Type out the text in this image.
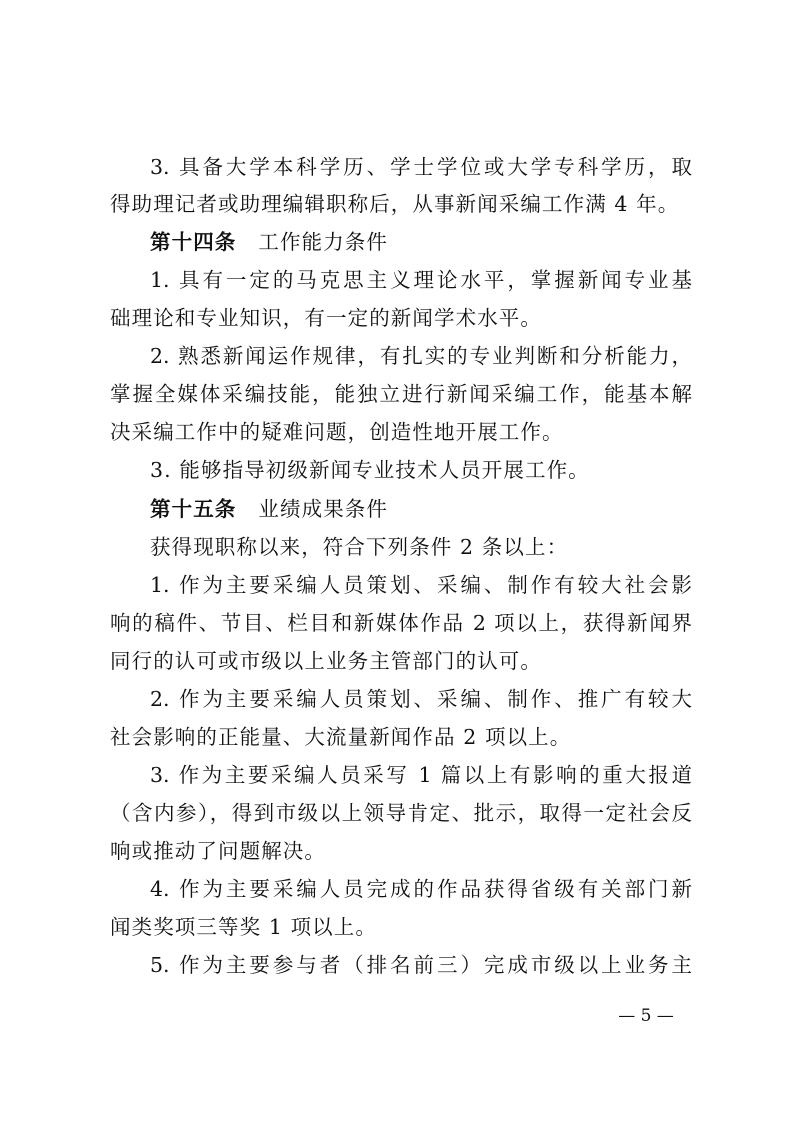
3. 具备大学本科学历、学士学位或大学专科学历，取
得助理记者或助理编辑职称后，从事新闻采编工作满 4 年。
第十四条 工作能力条件
1. 具有一定的马克思主义理论水平，掌握新闻专业基
础理论和专业知识，有一定的新闻学术水平。
2. 熟悉新闻运作规律，有扎实的专业判断和分析能力，
掌握全媒体采编技能，能独立进行新闻采编工作，能基本解
决采编工作中的疑难问题，创造性地开展工作。
3. 能够指导初级新闻专业技术人员开展工作。
第十五条 业绩成果条件
获得现职称以来，符合下列条件 2 条以上：
1. 作为主要采编人员策划、采编、制作有较大社会影
响的稿件、节目、栏目和新媒体作品 2 项以上，获得新闻界
同行的认可或市级以上业务主管部门的认可。
2. 作为主要采编人员策划、采编、制作、推广有较大
社会影响的正能量、大流量新闻作品 2 项以上。
3. 作为主要采编人员采写 1 篇以上有影响的重大报道
（含内参），得到市级以上领导肯定、批示，取得一定社会反
响或推动了问题解决。
4. 作为主要采编人员完成的作品获得省级有关部门新
闻类奖项三等奖 1 项以上。
5. 作为主要参与者（排名前三）完成市级以上业务主
— 5 —
